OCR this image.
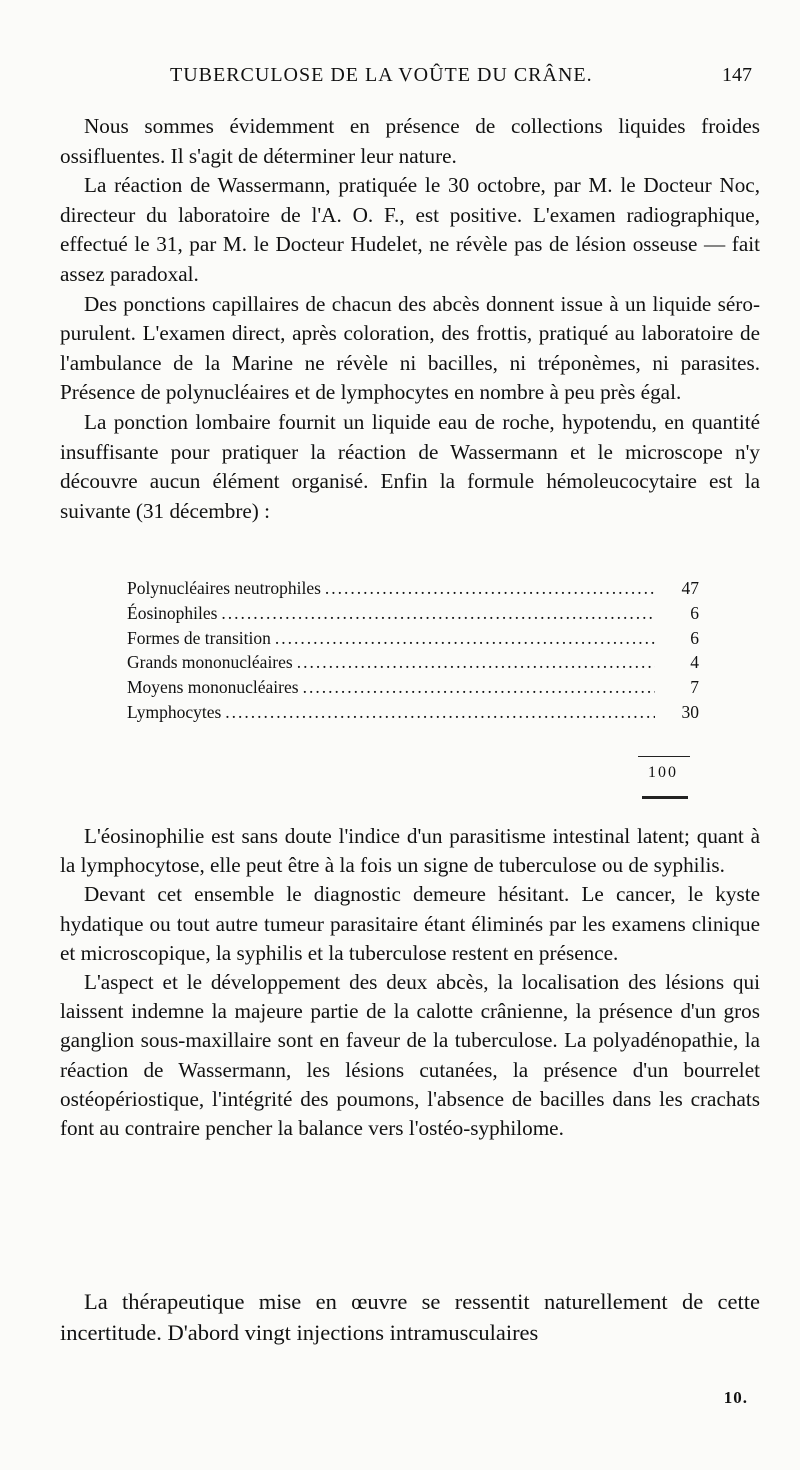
TUBERCULOSE DE LA VOÛTE DU CRÂNE.	147

Nous sommes évidemment en présence de collections liquides froides ossifluentes. Il s'agit de déterminer leur nature.

La réaction de Wassermann, pratiquée le 30 octobre, par M. le Docteur Noc, directeur du laboratoire de l'A. O. F., est positive. L'examen radiographique, effectué le 31, par M. le Docteur Hudelet, ne révèle pas de lésion osseuse — fait assez paradoxal.

Des ponctions capillaires de chacun des abcès donnent issue à un liquide séro-purulent. L'examen direct, après coloration, des frottis, pratiqué au laboratoire de l'ambulance de la Marine ne révèle ni bacilles, ni tréponèmes, ni parasites. Présence de polynucléaires et de lymphocytes en nombre à peu près égal.

La ponction lombaire fournit un liquide eau de roche, hypotendu, en quantité insuffisante pour pratiquer la réaction de Wassermann et le microscope n'y découvre aucun élément organisé. Enfin la formule hémoleucocytaire est la suivante (31 décembre) :

Polynucléaires neutrophiles .....	47
Éosinophiles .....	6
Formes de transition .....	6
Grands mononucléaires .....	4
Moyens mononucléaires .....	7
Lymphocytes .....	30
100

L'éosinophilie est sans doute l'indice d'un parasitisme intestinal latent; quant à la lymphocytose, elle peut être à la fois un signe de tuberculose ou de syphilis.

Devant cet ensemble le diagnostic demeure hésitant. Le cancer, le kyste hydatique ou tout autre tumeur parasitaire étant éliminés par les examens clinique et microscopique, la syphilis et la tuberculose restent en présence.

L'aspect et le développement des deux abcès, la localisation des lésions qui laissent indemne la majeure partie de la calotte crânienne, la présence d'un gros ganglion sous-maxillaire sont en faveur de la tuberculose. La polyadénopathie, la réaction de Wassermann, les lésions cutanées, la présence d'un bourrelet ostéopériostique, l'intégrité des poumons, l'absence de bacilles dans les crachats font au contraire pencher la balance vers l'ostéo-syphilome.

La thérapeutique mise en œuvre se ressentit naturellement de cette incertitude. D'abord vingt injections intramusculaires

10.
